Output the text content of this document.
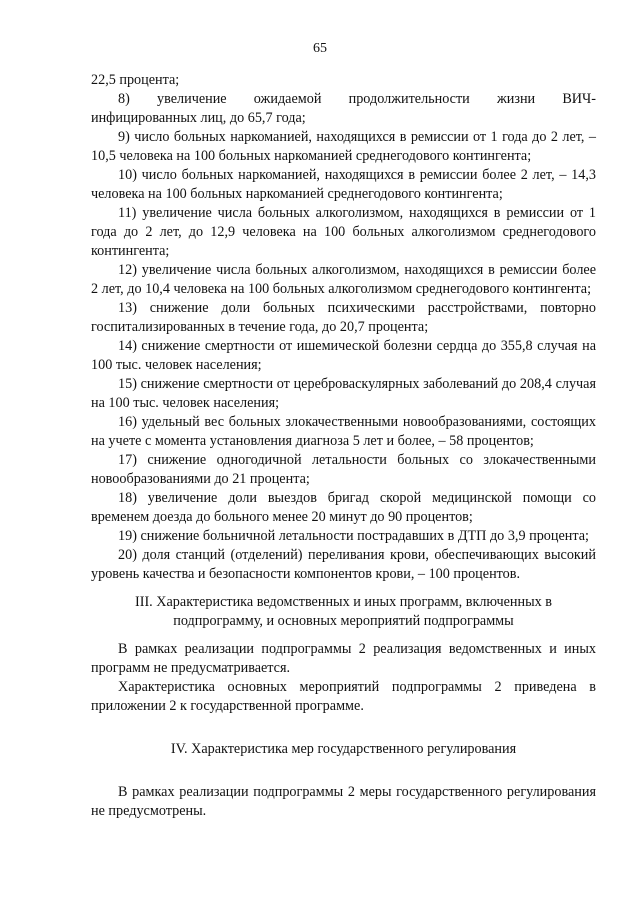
65

22,5 процента;

8) увеличение ожидаемой продолжительности жизни ВИЧ-

инфицированных лиц, до 65,7 года;

9) число больных наркоманией, находящихся в ремиссии от 1 года до 2 лет, – 10,5 человека на 100 больных наркоманией среднегодового контингента;

10) число больных наркоманией, находящихся в ремиссии более 2 лет, – 14,3 человека на 100 больных наркоманией среднегодового контингента;

11) увеличение числа больных алкоголизмом, находящихся в ремиссии от 1 года до 2 лет, до 12,9 человека на 100 больных алкоголизмом среднегодового контингента;

12) увеличение числа больных алкоголизмом, находящихся в ремиссии более 2 лет, до 10,4 человека на 100 больных алкоголизмом среднегодового контингента;

13) снижение доли больных психическими расстройствами, повторно госпитализированных в течение года, до 20,7 процента;

14) снижение смертности от ишемической болезни сердца до 355,8 случая на 100 тыс. человек населения;

15) снижение смертности от цереброваскулярных заболеваний до 208,4 случая на 100 тыс. человек населения;

16) удельный вес больных злокачественными новообразованиями, состоящих на учете с момента установления диагноза 5 лет и более, – 58 процентов;

17) снижение одногодичной летальности больных со злокачественными новообразованиями до 21 процента;

18) увеличение доли выездов бригад скорой медицинской помощи со временем доезда до больного менее 20 минут до 90 процентов;

19) снижение больничной летальности пострадавших в ДТП до 3,9 процента;

20) доля станций (отделений) переливания крови, обеспечивающих высокий уровень качества и безопасности компонентов крови, – 100 процентов.

III. Характеристика ведомственных и иных программ, включенных в

подпрограмму, и основных мероприятий подпрограммы

В рамках реализации подпрограммы 2 реализация ведомственных и иных программ не предусматривается.

Характеристика основных мероприятий подпрограммы 2 приведена в приложении 2 к государственной программе.

IV. Характеристика мер государственного регулирования

В рамках реализации подпрограммы 2 меры государственного регулирования не предусмотрены.
